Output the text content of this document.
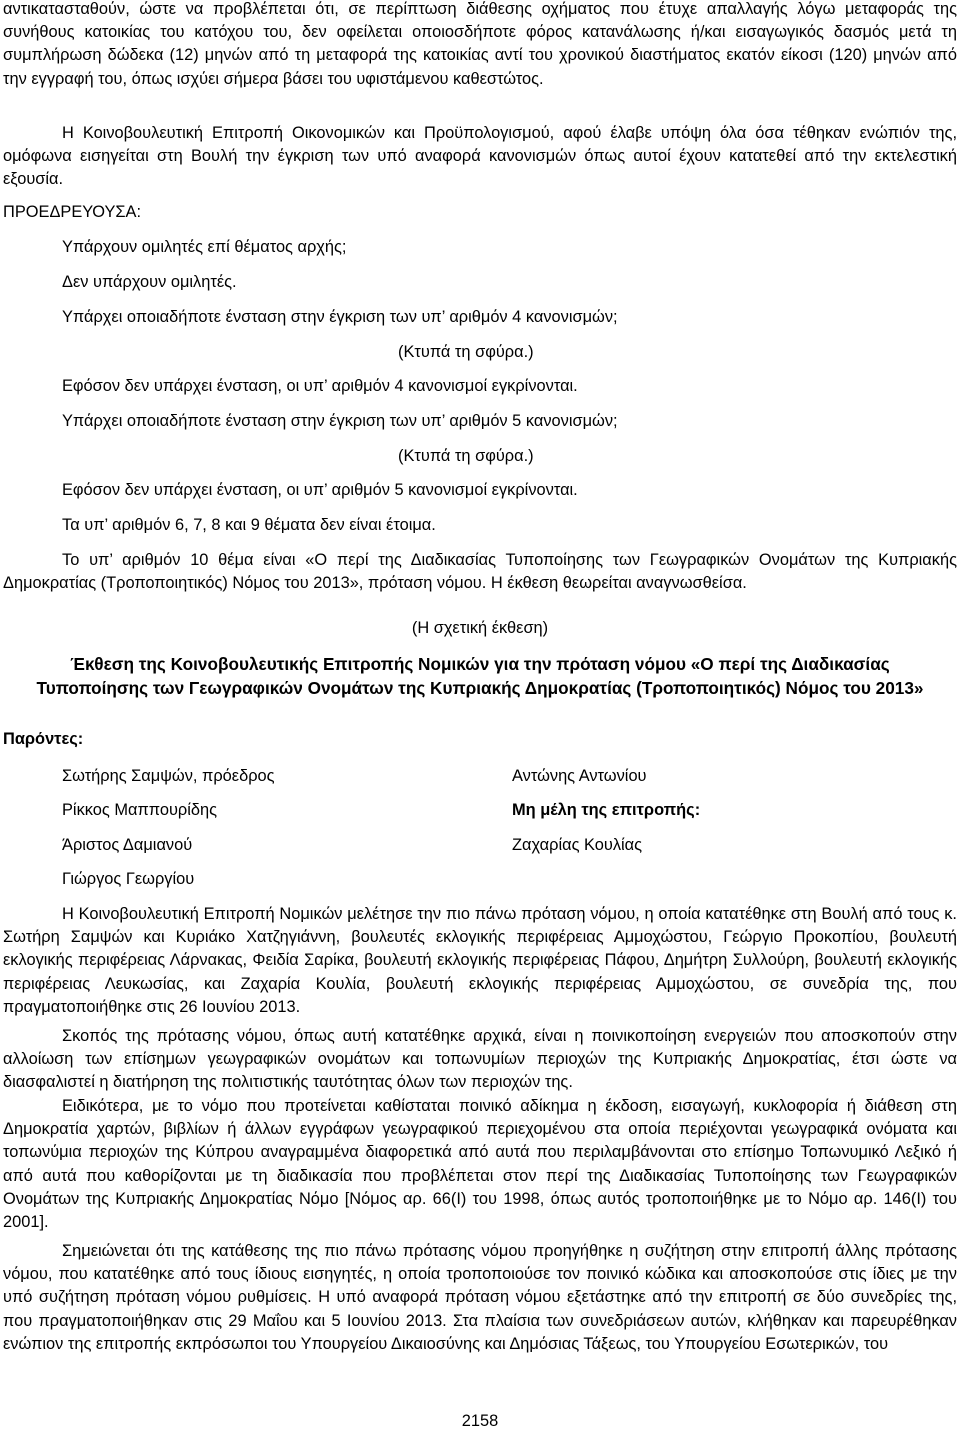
αντικατασταθούν, ώστε να προβλέπεται ότι, σε περίπτωση διάθεσης οχήματος που έτυχε απαλλαγής λόγω μεταφοράς της συνήθους κατοικίας του κατόχου του, δεν οφείλεται οποιοσδήποτε φόρος κατανάλωσης ή/και εισαγωγικός δασμός μετά τη συμπλήρωση δώδεκα (12) μηνών από τη μεταφορά της κατοικίας αντί του χρονικού διαστήματος εκατόν είκοσι (120) μηνών από την εγγραφή του, όπως ισχύει σήμερα βάσει του υφιστάμενου καθεστώτος.

Η Κοινοβουλευτική Επιτροπή Οικονομικών και Προϋπολογισμού, αφού έλαβε υπόψη όλα όσα τέθηκαν ενώπιόν της, ομόφωνα εισηγείται στη Βουλή την έγκριση των υπό αναφορά κανονισμών όπως αυτοί έχουν κατατεθεί από την εκτελεστική εξουσία.

ΠΡΟΕΔΡΕΥΟΥΣΑ:

Υπάρχουν ομιλητές επί θέματος αρχής;

Δεν υπάρχουν ομιλητές.

Υπάρχει οποιαδήποτε ένσταση στην έγκριση των υπ’ αριθμόν 4 κανονισμών;

(Κτυπά τη σφύρα.)

Εφόσον δεν υπάρχει ένσταση, οι υπ’ αριθμόν 4 κανονισμοί εγκρίνονται.

Υπάρχει οποιαδήποτε ένσταση στην έγκριση των υπ’ αριθμόν 5 κανονισμών;

(Κτυπά τη σφύρα.)

Εφόσον δεν υπάρχει ένσταση, οι υπ’ αριθμόν 5 κανονισμοί εγκρίνονται.

Τα υπ’ αριθμόν 6, 7, 8 και 9 θέματα δεν είναι έτοιμα.

Το υπ’ αριθμόν 10 θέμα είναι «Ο περί της Διαδικασίας Τυποποίησης των Γεωγραφικών Ονομάτων της Κυπριακής Δημοκρατίας (Τροποποιητικός) Νόμος του 2013», πρόταση νόμου. Η έκθεση θεωρείται αναγνωσθείσα.

(Η σχετική έκθεση)

Έκθεση της Κοινοβουλευτικής Επιτροπής Νομικών για την πρόταση νόμου «Ο περί της Διαδικασίας Τυποποίησης των Γεωγραφικών Ονομάτων της Κυπριακής Δημοκρατίας (Τροποποιητικός) Νόμος του 2013»

Παρόντες:

Σωτήρης Σαμψών, πρόεδρος

Ρίκκος Μαππουρίδης

Άριστος Δαμιανού

Γιώργος Γεωργίου

Αντώνης Αντωνίου

Μη μέλη της επιτροπής:

Ζαχαρίας Κουλίας

Η Κοινοβουλευτική Επιτροπή Νομικών μελέτησε την πιο πάνω πρόταση νόμου, η οποία κατατέθηκε στη Βουλή από τους κ. Σωτήρη Σαμψών και Κυριάκο Χατζηγιάννη, βουλευτές εκλογικής περιφέρειας Αμμοχώστου, Γεώργιο Προκοπίου, βουλευτή εκλογικής περιφέρειας Λάρνακας, Φειδία Σαρίκα, βουλευτή εκλογικής περιφέρειας Πάφου, Δημήτρη Συλλούρη, βουλευτή εκλογικής περιφέρειας Λευκωσίας, και Ζαχαρία Κουλία, βουλευτή εκλογικής περιφέρειας Αμμοχώστου, σε συνεδρία της, που πραγματοποιήθηκε στις 26 Ιουνίου 2013.

Σκοπός της πρότασης νόμου, όπως αυτή κατατέθηκε αρχικά, είναι η ποινικοποίηση ενεργειών που αποσκοπούν στην αλλοίωση των επίσημων γεωγραφικών ονομάτων και τοπωνυμίων περιοχών της Κυπριακής Δημοκρατίας, έτσι ώστε να διασφαλιστεί η διατήρηση της πολιτιστικής ταυτότητας όλων των περιοχών της.

Ειδικότερα, με το νόμο που προτείνεται καθίσταται ποινικό αδίκημα η έκδοση, εισαγωγή, κυκλοφορία ή διάθεση στη Δημοκρατία χαρτών, βιβλίων ή άλλων εγγράφων γεωγραφικού περιεχομένου στα οποία περιέχονται γεωγραφικά ονόματα και τοπωνύμια περιοχών της Κύπρου αναγραμμένα διαφορετικά από αυτά που περιλαμβάνονται στο επίσημο Τοπωνυμικό Λεξικό ή από αυτά που καθορίζονται με τη διαδικασία που προβλέπεται στον περί της Διαδικασίας Τυποποίησης των Γεωγραφικών Ονομάτων της Κυπριακής Δημοκρατίας Νόμο [Νόμος αρ. 66(Ι) του 1998, όπως αυτός τροποποιήθηκε με το Νόμο αρ. 146(Ι) του 2001].

Σημειώνεται ότι της κατάθεσης της πιο πάνω πρότασης νόμου προηγήθηκε η συζήτηση στην επιτροπή άλλης πρότασης νόμου, που κατατέθηκε από τους ίδιους εισηγητές, η οποία τροποποιούσε τον ποινικό κώδικα και αποσκοπούσε στις ίδιες με την υπό συζήτηση πρόταση νόμου ρυθμίσεις. Η υπό αναφορά πρόταση νόμου εξετάστηκε από την επιτροπή σε δύο συνεδρίες της, που πραγματοποιήθηκαν στις 29 Μαΐου και 5 Ιουνίου 2013. Στα πλαίσια των συνεδριάσεων αυτών, κλήθηκαν και παρευρέθηκαν ενώπιον της επιτροπής εκπρόσωποι του Υπουργείου Δικαιοσύνης και Δημόσιας Τάξεως, του Υπουργείου Εσωτερικών, του

2158
